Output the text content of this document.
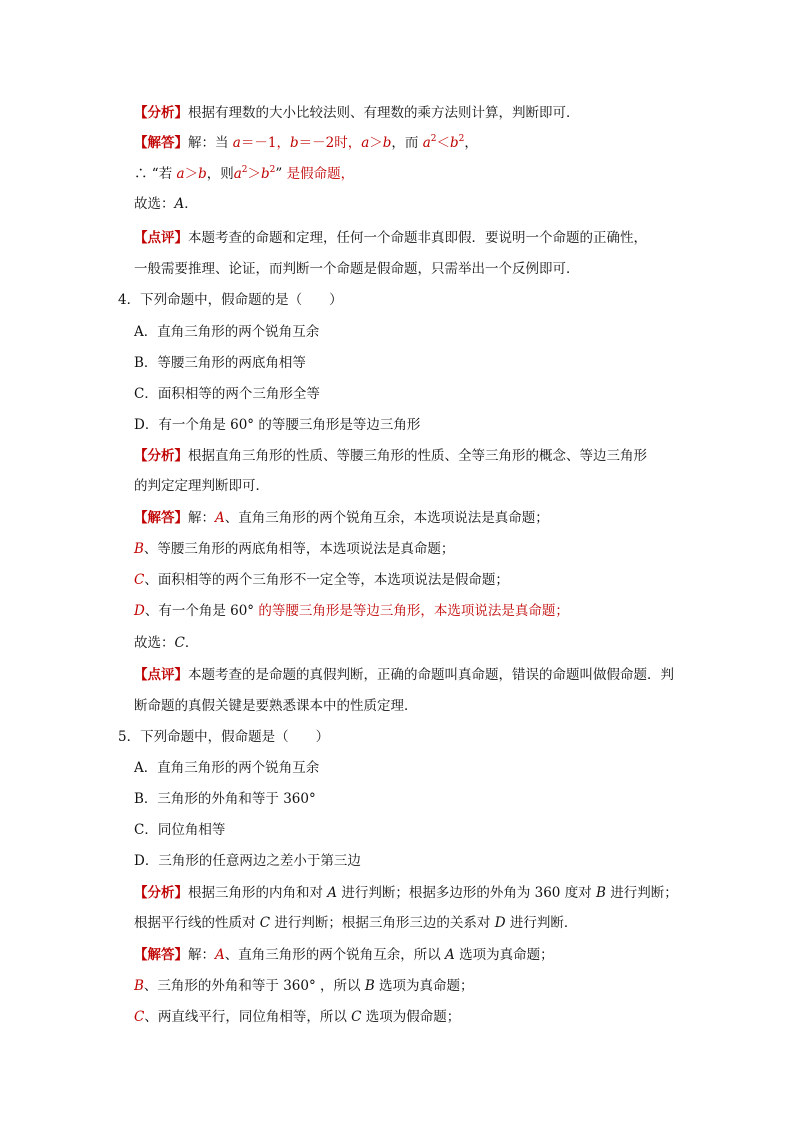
【分析】根据有理数的大小比较法则、有理数的乘方法则计算，判断即可．
【解答】解：当 a＝－1，b＝－2时，a＞b，而 $a^2<b^2$，
∴ “若 a＞b，则$a^2>b^2$” 是假命题，
故选：A．
【点评】本题考查的命题和定理，任何一个命题非真即假．要说明一个命题的正确性，
一般需要推理、论证，而判断一个命题是假命题，只需举出一个反例即可．
4．下列命题中，假命题的是（　　）
A．直角三角形的两个锐角互余
B．等腰三角形的两底角相等
C．面积相等的两个三角形全等
D．有一个角是 60° 的等腰三角形是等边三角形
【分析】根据直角三角形的性质、等腰三角形的性质、全等三角形的概念、等边三角形
的判定定理判断即可．
【解答】解：A、直角三角形的两个锐角互余，本选项说法是真命题；
B、等腰三角形的两底角相等，本选项说法是真命题；
C、面积相等的两个三角形不一定全等，本选项说法是假命题；
D、有一个角是 60° 的等腰三角形是等边三角形，本选项说法是真命题；
故选：C．
【点评】本题考查的是命题的真假判断，正确的命题叫真命题，错误的命题叫做假命题．判
断命题的真假关键是要熟悉课本中的性质定理．
5．下列命题中，假命题是（　　）
A．直角三角形的两个锐角互余
B．三角形的外角和等于 360°
C．同位角相等
D．三角形的任意两边之差小于第三边
【分析】根据三角形的内角和对 A 进行判断；根据多边形的外角为 360 度对 B 进行判断；
根据平行线的性质对 C 进行判断；根据三角形三边的关系对 D 进行判断．
【解答】解：A、直角三角形的两个锐角互余，所以 A 选项为真命题；
B、三角形的外角和等于 360° ，所以 B 选项为真命题；
C、两直线平行，同位角相等，所以 C 选项为假命题；
